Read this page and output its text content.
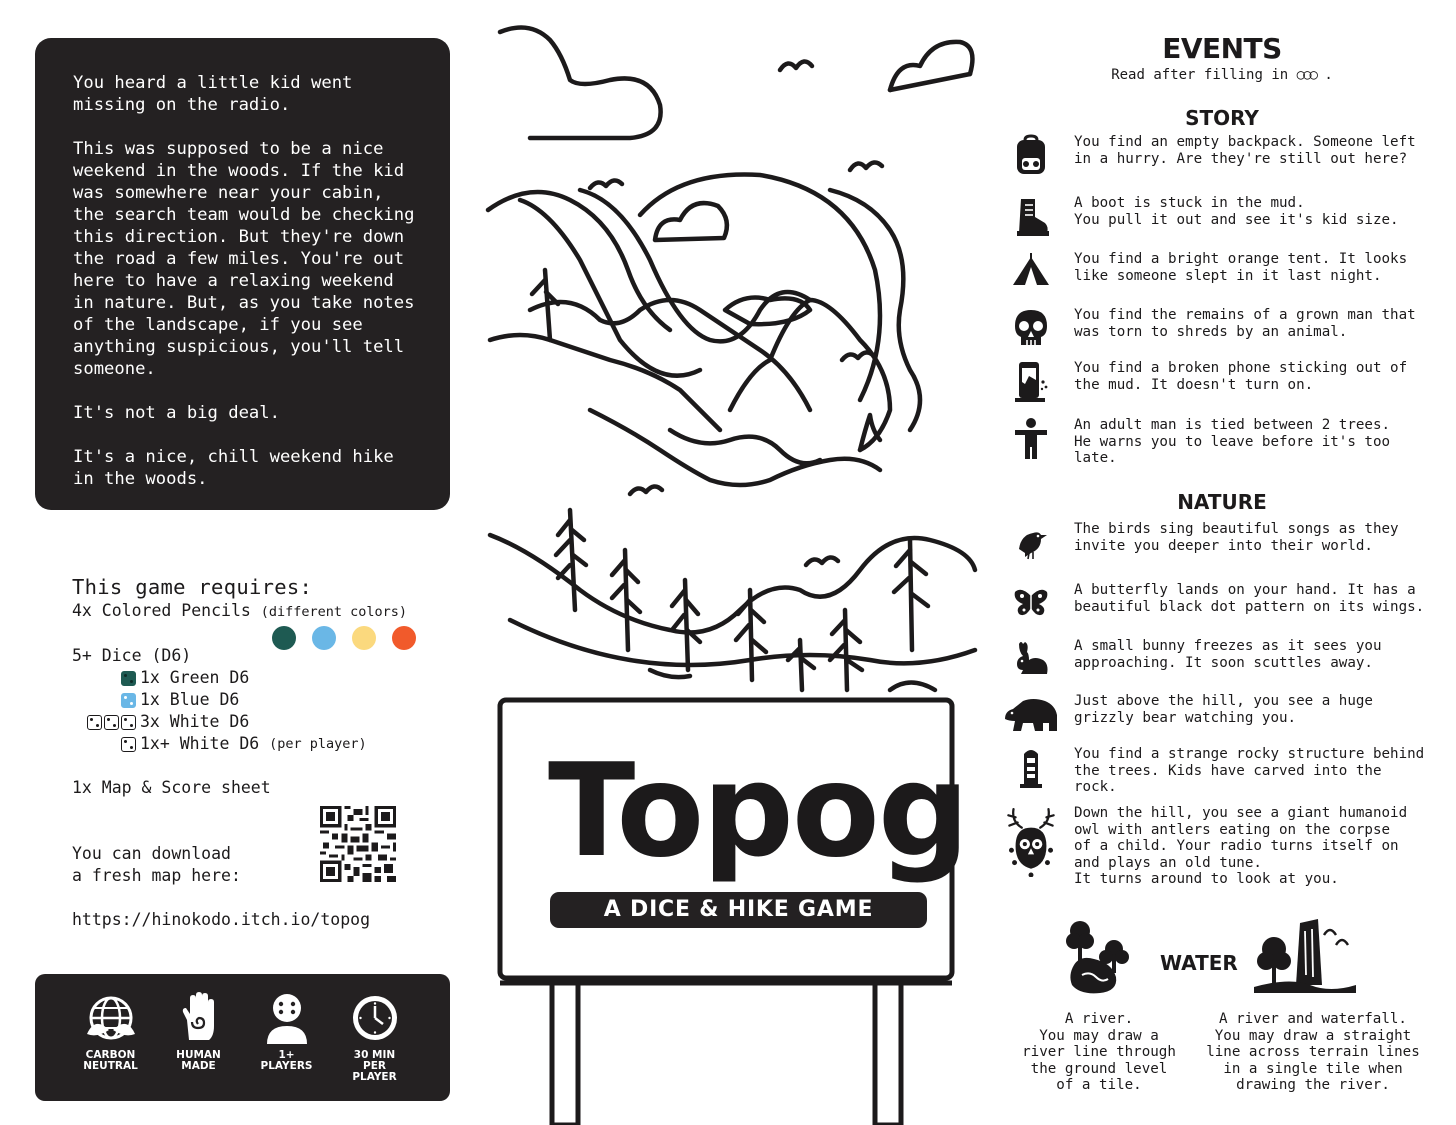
You heard a little kid went missing on the radio.

This was supposed to be a nice weekend in the woods. If the kid was somewhere near your cabin, the search team would be checking this direction. But they're down the road a few miles. You're out here to have a relaxing weekend in nature. But, as you take notes of the landscape, if you see anything suspicious, you'll tell someone.

It's not a big deal.

It's a nice, chill weekend hike in the woods.

This game requires:
4x Colored Pencils (different colors)
5+ Dice (D6)
1x Green D6
1x Blue D6
3x White D6
1x+ White D6
(per player)
1x Map & Score sheet
You can download
a fresh map here:
https://hinokodo.itch.io/topog
CARBON
NEUTRAL
HUMAN
MADE
1+
PLAYERS
30 MIN
PER PLAYER
Topog
A DICE & HIKE GAME
EVENTS
Read after filling in ○○○ .
STORY
You find an empty backpack. Someone left
in a hurry. Are they're still out here?
A boot is stuck in the mud.
You pull it out and see it's kid size.
You find a bright orange tent. It looks
like someone slept in it last night.
You find the remains of a grown man that
was torn to shreds by an animal.
You find a broken phone sticking out of
the mud. It doesn't turn on.
An adult man is tied between 2 trees.
He warns you to leave before it's too
late.
NATURE
The birds sing beautiful songs as they
invite you deeper into their world.
A butterfly lands on your hand. It has a
beautiful black dot pattern on its wings.
A small bunny freezes as it sees you
approaching. It soon scuttles away.
Just above the hill, you see a huge
grizzly bear watching you.
You find a strange rocky structure behind
the trees. Kids have carved into the rock.
Down the hill, you see a giant humanoid
owl with antlers eating on the corpse
of a child. Your radio turns itself on
and plays an old tune.
It turns around to look at you.
WATER
A river.
You may draw a
river line through
the ground level
of a tile.
A river and waterfall.
You may draw a straight
line across terrain lines
in a single tile when
drawing the river.
